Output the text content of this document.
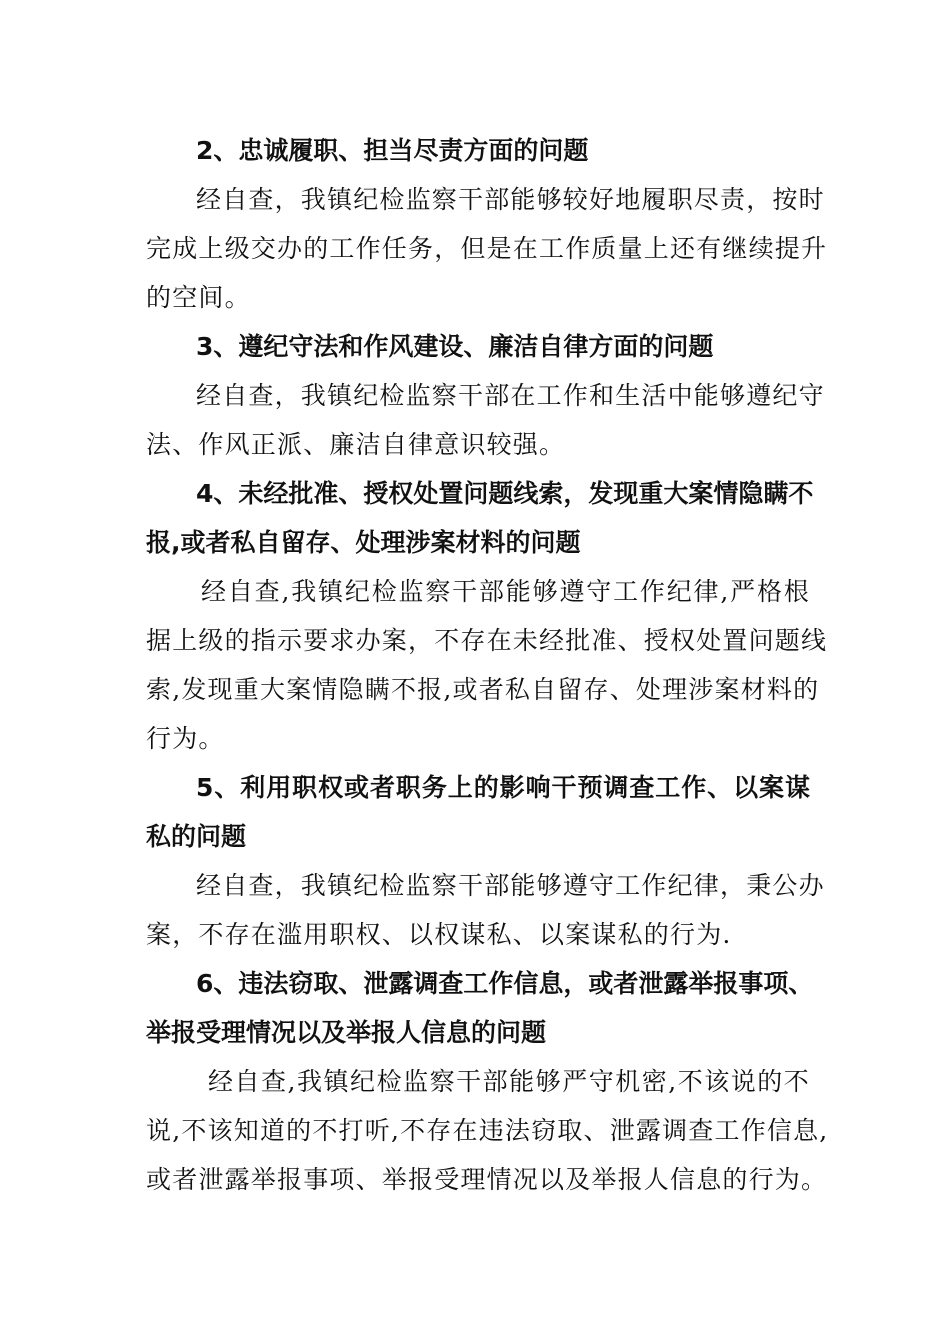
2、忠诚履职、担当尽责方面的问题
经自查，我镇纪检监察干部能够较好地履职尽责，按时
完成上级交办的工作任务，但是在工作质量上还有继续提升
的空间。
3、遵纪守法和作风建设、廉洁自律方面的问题
经自查，我镇纪检监察干部在工作和生活中能够遵纪守
法、作风正派、廉洁自律意识较强。
4、未经批准、授权处置问题线索，发现重大案情隐瞒不
报,或者私自留存、处理涉案材料的问题
经自查,我镇纪检监察干部能够遵守工作纪律,严格根
据上级的指示要求办案，不存在未经批准、授权处置问题线
索,发现重大案情隐瞒不报,或者私自留存、处理涉案材料的
行为。
5、利用职权或者职务上的影响干预调查工作、以案谋
私的问题
经自查，我镇纪检监察干部能够遵守工作纪律，秉公办
案，不存在滥用职权、以权谋私、以案谋私的行为.
6、违法窃取、泄露调查工作信息，或者泄露举报事项、
举报受理情况以及举报人信息的问题
经自查,我镇纪检监察干部能够严守机密,不该说的不
说,不该知道的不打听,不存在违法窃取、泄露调查工作信息,
或者泄露举报事项、举报受理情况以及举报人信息的行为。
